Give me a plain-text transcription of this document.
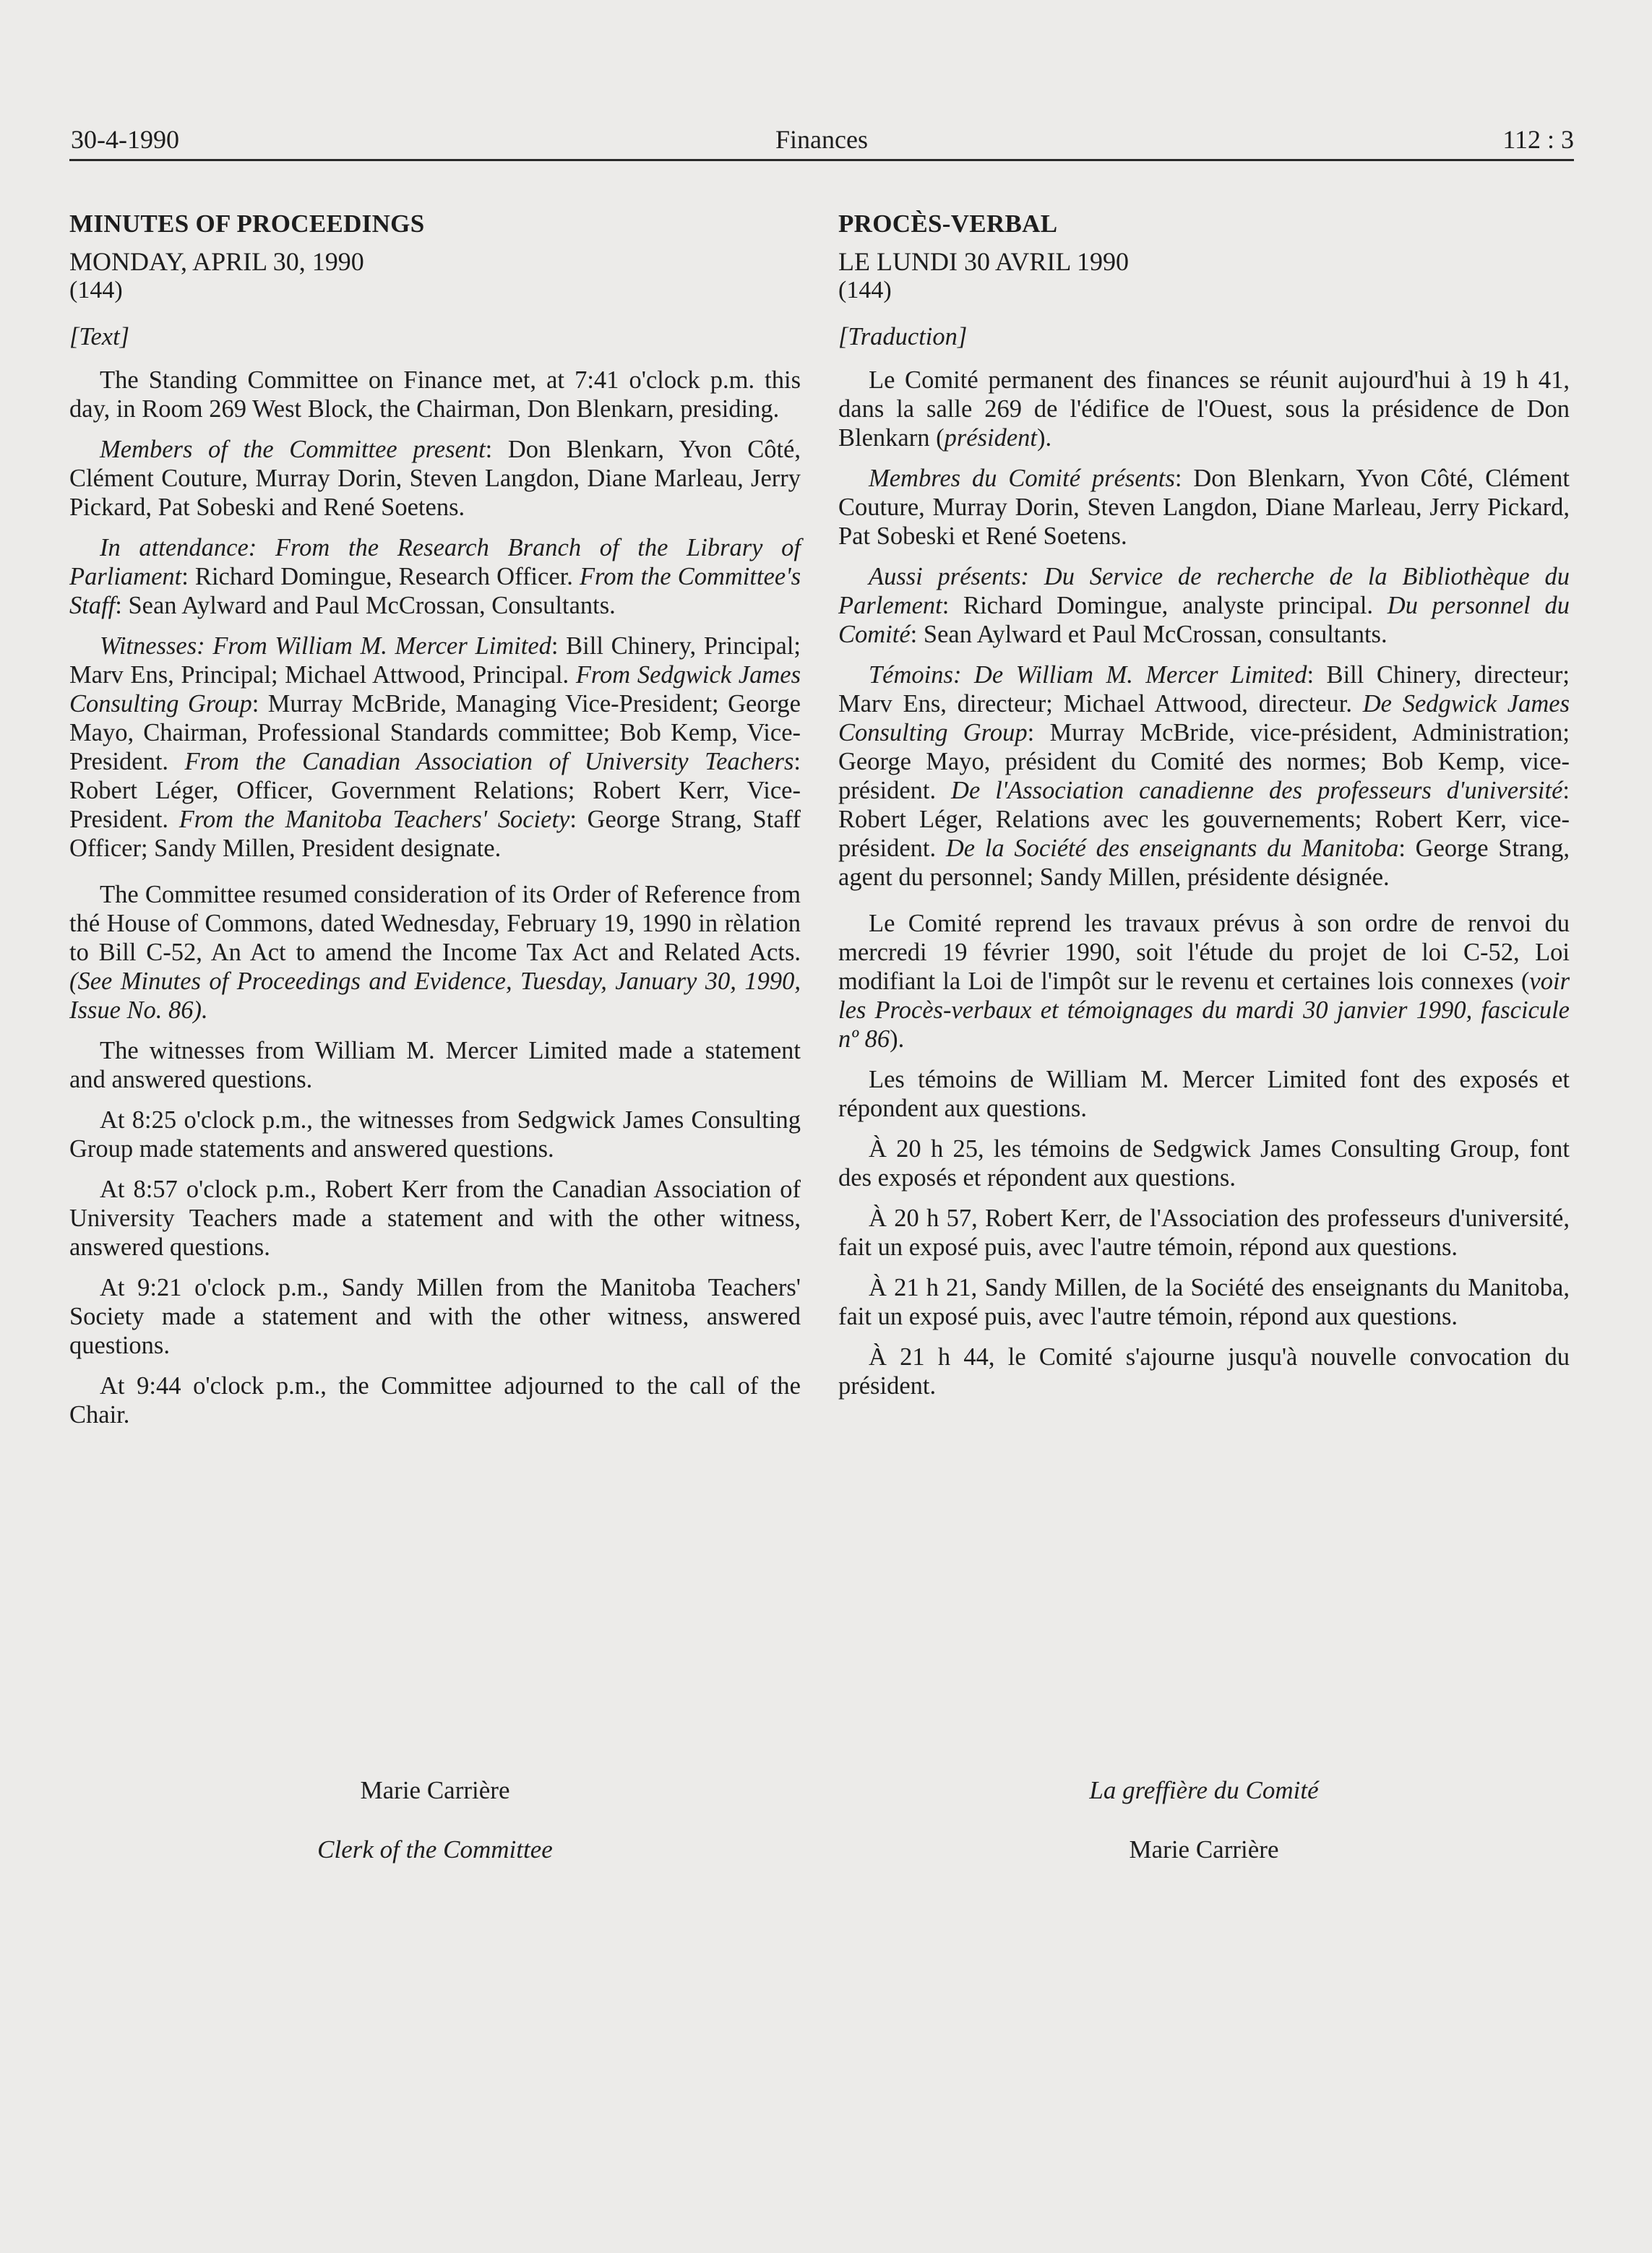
30-4-1990	Finances	112 : 3
MINUTES OF PROCEEDINGS
MONDAY, APRIL 30, 1990
(144)
[Text]

The Standing Committee on Finance met, at 7:41 o'clock p.m. this day, in Room 269 West Block, the Chairman, Don Blenkarn, presiding.

Members of the Committee present: Don Blenkarn, Yvon Côté, Clément Couture, Murray Dorin, Steven Langdon, Diane Marleau, Jerry Pickard, Pat Sobeski and René Soetens.

In attendance: From the Research Branch of the Library of Parliament: Richard Domingue, Research Officer. From the Committee's Staff: Sean Aylward and Paul McCrossan, Consultants.

Witnesses: From William M. Mercer Limited: Bill Chinery, Principal; Marv Ens, Principal; Michael Attwood, Principal. From Sedgwick James Consulting Group: Murray McBride, Managing Vice-President; George Mayo, Chairman, Professional Standards committee; Bob Kemp, Vice-President. From the Canadian Association of University Teachers: Robert Léger, Officer, Government Relations; Robert Kerr, Vice-President. From the Manitoba Teachers' Society: George Strang, Staff Officer; Sandy Millen, President designate.

The Committee resumed consideration of its Order of Reference from thé House of Commons, dated Wednesday, February 19, 1990 in rèlation to Bill C-52, An Act to amend the Income Tax Act and Related Acts. (See Minutes of Proceedings and Evidence, Tuesday, January 30, 1990, Issue No. 86).

The witnesses from William M. Mercer Limited made a statement and answered questions.

At 8:25 o'clock p.m., the witnesses from Sedgwick James Consulting Group made statements and answered questions.

At 8:57 o'clock p.m., Robert Kerr from the Canadian Association of University Teachers made a statement and with the other witness, answered questions.

At 9:21 o'clock p.m., Sandy Millen from the Manitoba Teachers' Society made a statement and with the other witness, answered questions.

At 9:44 o'clock p.m., the Committee adjourned to the call of the Chair.

Marie Carrière
Clerk of the Committee
PROCÈS-VERBAL
LE LUNDI 30 AVRIL 1990
(144)
[Traduction]

Le Comité permanent des finances se réunit aujourd'hui à 19 h 41, dans la salle 269 de l'édifice de l'Ouest, sous la présidence de Don Blenkarn (président).

Membres du Comité présents: Don Blenkarn, Yvon Côté, Clément Couture, Murray Dorin, Steven Langdon, Diane Marleau, Jerry Pickard, Pat Sobeski et René Soetens.

Aussi présents: Du Service de recherche de la Bibliothèque du Parlement: Richard Domingue, analyste principal. Du personnel du Comité: Sean Aylward et Paul McCrossan, consultants.

Témoins: De William M. Mercer Limited: Bill Chinery, directeur; Marv Ens, directeur; Michael Attwood, directeur. De Sedgwick James Consulting Group: Murray McBride, vice-président, Administration; George Mayo, président du Comité des normes; Bob Kemp, vice-président. De l'Association canadienne des professeurs d'université: Robert Léger, Relations avec les gouvernements; Robert Kerr, vice-président. De la Société des enseignants du Manitoba: George Strang, agent du personnel; Sandy Millen, présidente désignée.

Le Comité reprend les travaux prévus à son ordre de renvoi du mercredi 19 février 1990, soit l'étude du projet de loi C-52, Loi modifiant la Loi de l'impôt sur le revenu et certaines lois connexes (voir les Procès-verbaux et témoignages du mardi 30 janvier 1990, fascicule nº 86).

Les témoins de William M. Mercer Limited font des exposés et répondent aux questions.

À 20 h 25, les témoins de Sedgwick James Consulting Group, font des exposés et répondent aux questions.

À 20 h 57, Robert Kerr, de l'Association des professeurs d'université, fait un exposé puis, avec l'autre témoin, répond aux questions.

À 21 h 21, Sandy Millen, de la Société des enseignants du Manitoba, fait un exposé puis, avec l'autre témoin, répond aux questions.

À 21 h 44, le Comité s'ajourne jusqu'à nouvelle convocation du président.

La greffière du Comité
Marie Carrière
